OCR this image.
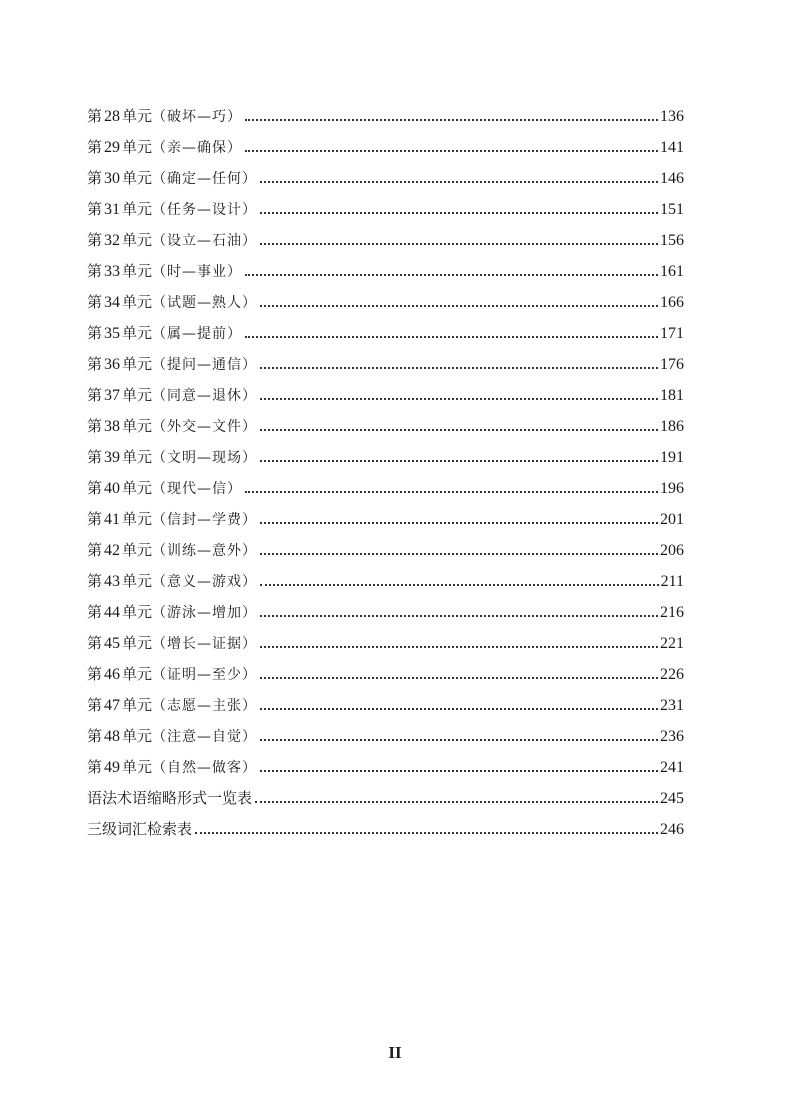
第 28 单元（破坏—巧）	136
第 29 单元（亲—确保）	141
第 30 单元（确定—任何）	146
第 31 单元（任务—设计）	151
第 32 单元（设立—石油）	156
第 33 单元（时—事业）	161
第 34 单元（试题—熟人）	166
第 35 单元（属—提前）	171
第 36 单元（提问—通信）	176
第 37 单元（同意—退休）	181
第 38 单元（外交—文件）	186
第 39 单元（文明—现场）	191
第 40 单元（现代—信）	196
第 41 单元（信封—学费）	201
第 42 单元（训练—意外）	206
第 43 单元（意义—游戏）	211
第 44 单元（游泳—增加）	216
第 45 单元（增长—证据）	221
第 46 单元（证明—至少）	226
第 47 单元（志愿—主张）	231
第 48 单元（注意—自觉）	236
第 49 单元（自然—做客）	241
语法术语缩略形式一览表	245
三级词汇检索表	246
II
